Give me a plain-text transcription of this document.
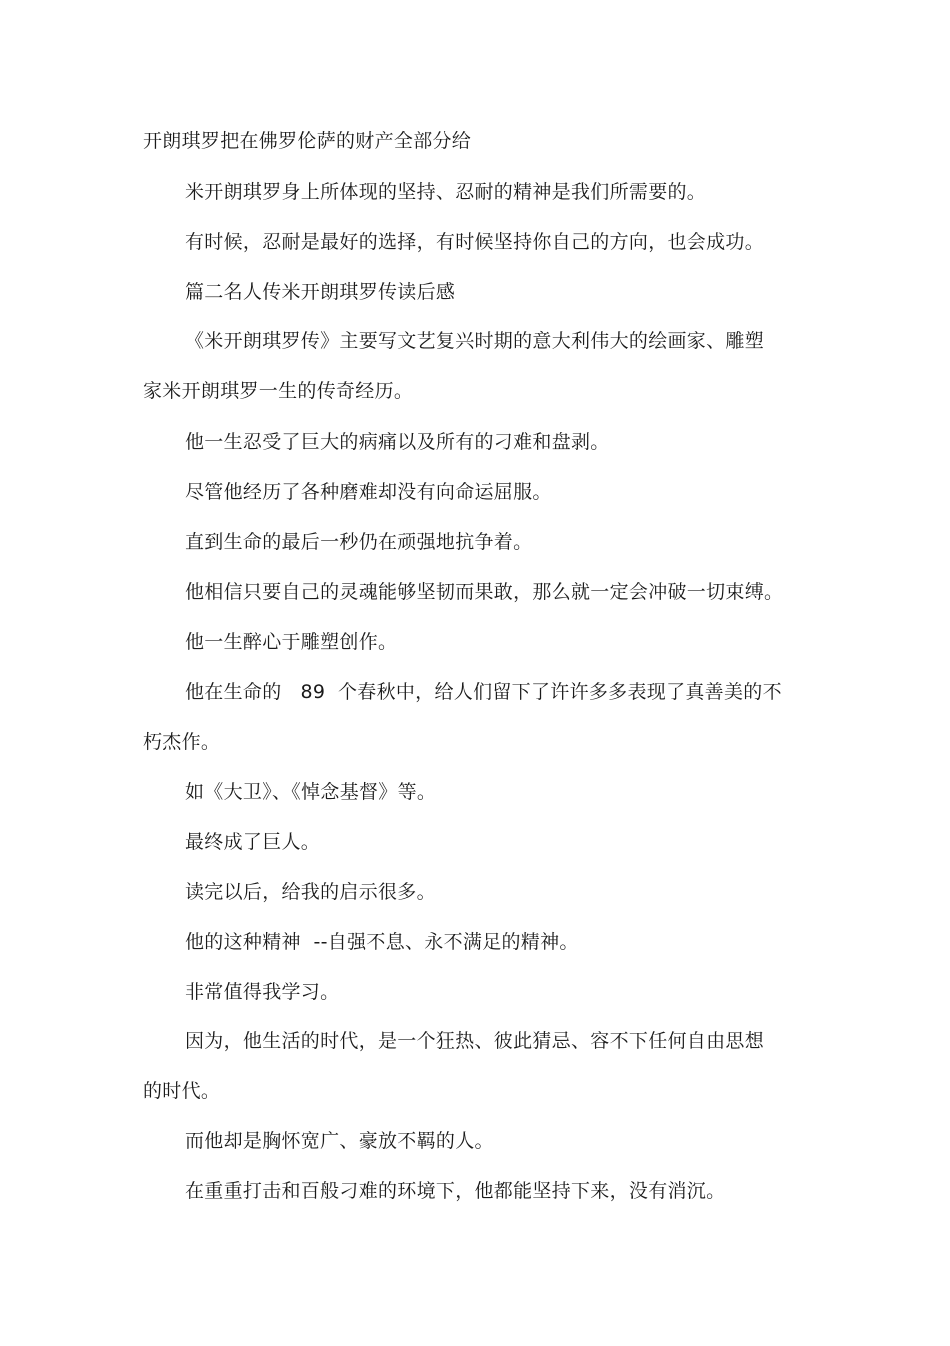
开朗琪罗把在佛罗伦萨的财产全部分给
米开朗琪罗身上所体现的坚持、忍耐的精神是我们所需要的。
有时候，忍耐是最好的选择，有时候坚持你自己的方向，也会成功。
篇二名人传米开朗琪罗传读后感
《米开朗琪罗传》主要写文艺复兴时期的意大利伟大的绘画家、雕塑
家米开朗琪罗一生的传奇经历。
他一生忍受了巨大的病痛以及所有的刁难和盘剥。
尽管他经历了各种磨难却没有向命运屈服。
直到生命的最后一秒仍在顽强地抗争着。
他相信只要自己的灵魂能够坚韧而果敢，那么就一定会冲破一切束缚。
他一生醉心于雕塑创作。
他在生命的   89  个春秋中，给人们留下了许许多多表现了真善美的不
朽杰作。
如《大卫》、《悼念基督》等。
最终成了巨人。
读完以后，给我的启示很多。
他的这种精神  --自强不息、永不满足的精神。
非常值得我学习。
因为，他生活的时代，是一个狂热、彼此猜忌、容不下任何自由思想
的时代。
而他却是胸怀宽广、豪放不羁的人。
在重重打击和百般刁难的环境下，他都能坚持下来，没有消沉。
